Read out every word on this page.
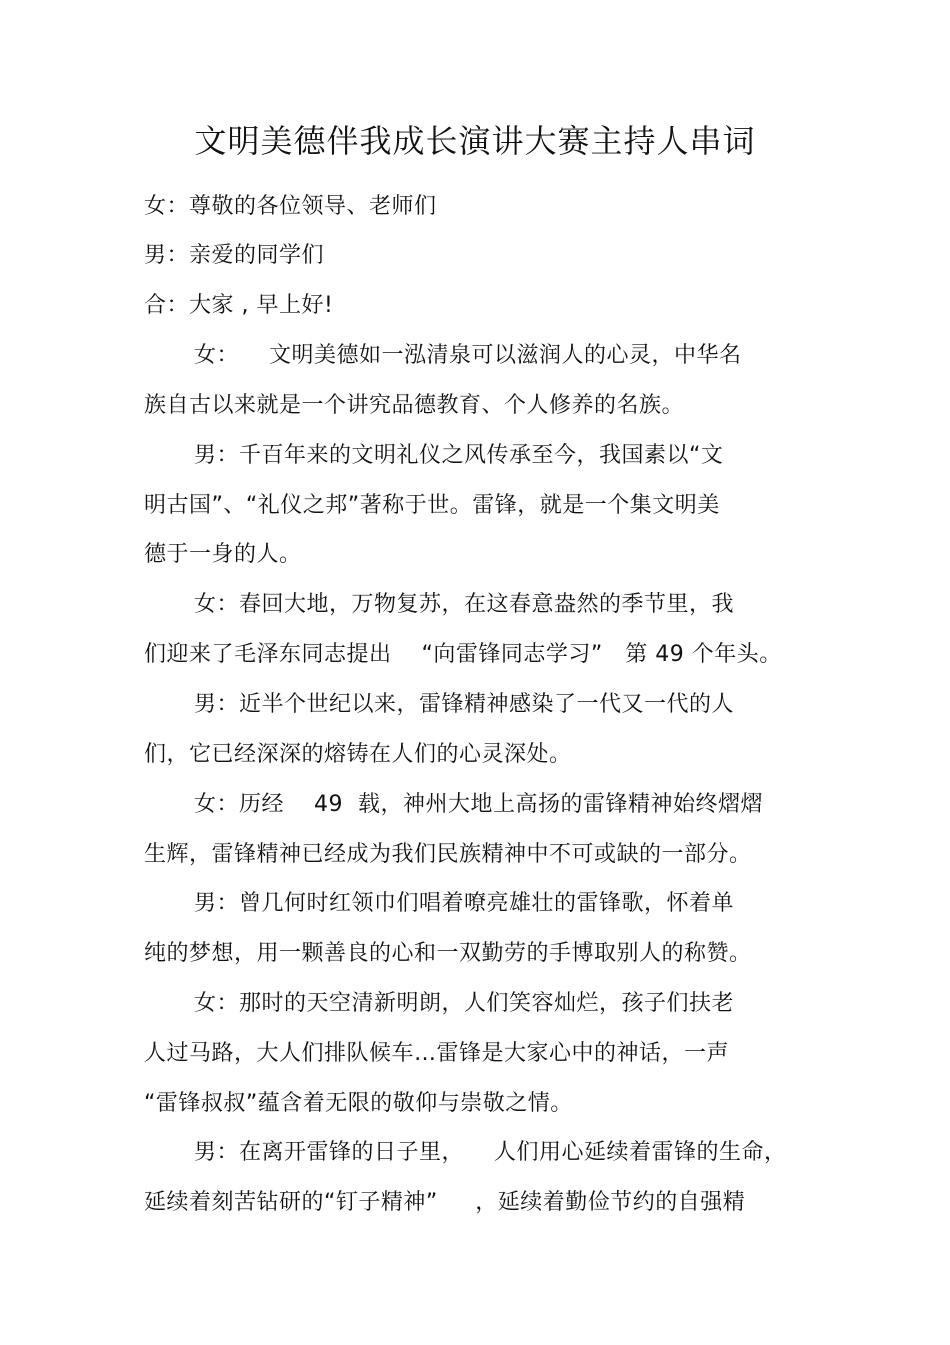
文明美德伴我成长演讲大赛主持人串词
女：尊敬的各位领导、老师们
男：亲爱的同学们
合：大家 , 早上好!
女：    文明美德如一泓清泉可以滋润人的心灵，中华名
族自古以来就是一个讲究品德教育、个人修养的名族。
男：千百年来的文明礼仪之风传承至今，我国素以“文
明古国”、“礼仪之邦”著称于世。雷锋，就是一个集文明美
德于一身的人。
女：春回大地，万物复苏，在这春意盎然的季节里，我
们迎来了毛泽东同志提出    “向雷锋同志学习”   第 49 个年头。
男：近半个世纪以来，雷锋精神感染了一代又一代的人
们，它已经深深的熔铸在人们的心灵深处。
女：历经    49  载，神州大地上高扬的雷锋精神始终熠熠
生辉，雷锋精神已经成为我们民族精神中不可或缺的一部分。
男：曾几何时红领巾们唱着嘹亮雄壮的雷锋歌，怀着单
纯的梦想，用一颗善良的心和一双勤劳的手博取别人的称赞。
女：那时的天空清新明朗，人们笑容灿烂，孩子们扶老
人过马路，大人们排队候车…雷锋是大家心中的神话，一声
“雷锋叔叔”蕴含着无限的敬仰与崇敬之情。
男：在离开雷锋的日子里，    人们用心延续着雷锋的生命，
延续着刻苦钻研的“钉子精神”     ，延续着勤俭节约的自强精
